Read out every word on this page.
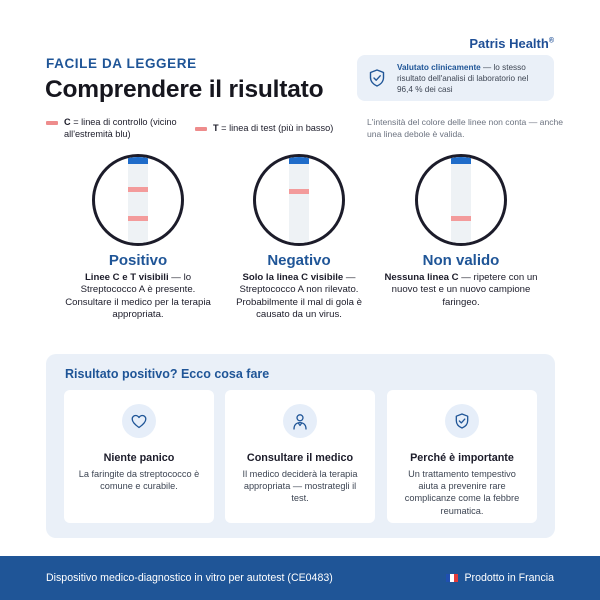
Patris Health®
FACILE DA LEGGERE
Comprendere il risultato
Valutato clinicamente — lo stesso risultato dell'analisi di laboratorio nel 96,4 % dei casi
C = linea di controllo (vicino all'estremità blu)
T = linea di test (più in basso)
L'intensità del colore delle linee non conta — anche una linea debole è valida.
Positivo
Linee C e T visibili — lo Streptococco A è presente. Consultare il medico per la terapia appropriata.
Negativo
Solo la linea C visibile — Streptococco A non rilevato. Probabilmente il mal di gola è causato da un virus.
Non valido
Nessuna linea C — ripetere con un nuovo test e un nuovo campione faringeo.
Risultato positivo? Ecco cosa fare
Niente panico
La faringite da streptococco è comune e curabile.
Consultare il medico
Il medico deciderà la terapia appropriata — mostrategli il test.
Perché è importante
Un trattamento tempestivo aiuta a prevenire rare complicanze come la febbre reumatica.
Dispositivo medico-diagnostico in vitro per autotest (CE0483)	Prodotto in Francia
